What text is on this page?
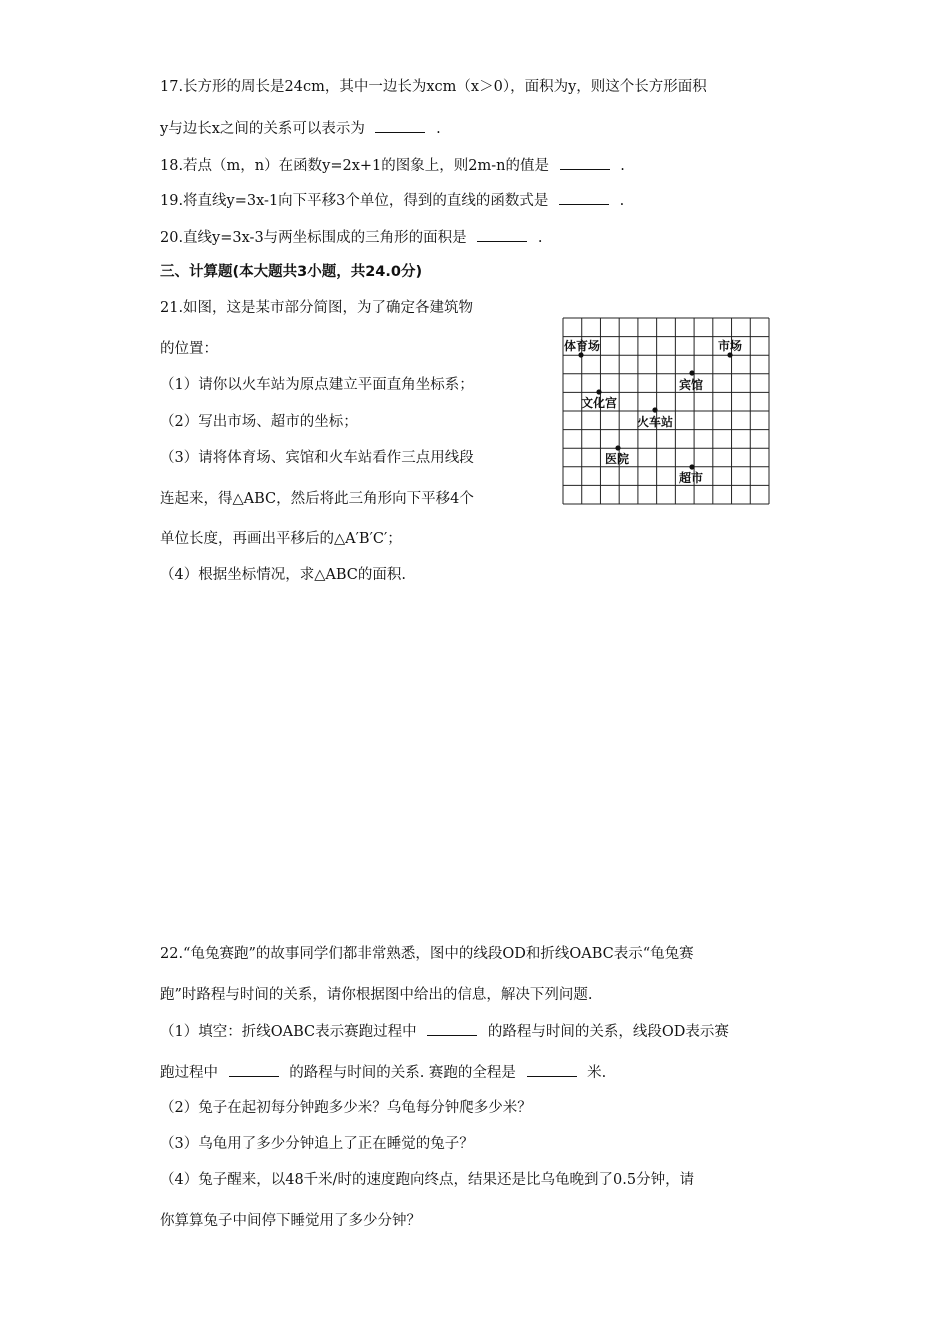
17.长方形的周长是24cm，其中一边长为xcm（x＞0），面积为y，则这个长方形面积
y与边长x之间的关系可以表示为	.
18.若点（m，n）在函数y=2x+1的图象上，则2m-n的值是	.
19.将直线y=3x-1向下平移3个单位，得到的直线的函数式是	.
20.直线y=3x-3与两坐标围成的三角形的面积是	.
三、计算题(本大题共3小题，共24.0分)
21.如图，这是某市部分简图，为了确定各建筑物
的位置：
（1）请你以火车站为原点建立平面直角坐标系；
（2）写出市场、超市的坐标；
（3）请将体育场、宾馆和火车站看作三点用线段
连起来，得△ABC，然后将此三角形向下平移4个
单位长度，再画出平移后的△A′B′C′；
（4）根据坐标情况，求△ABC的面积.
体育场	市场
宾馆
文化宫
火车站
医院
超市
22.“龟兔赛跑”的故事同学们都非常熟悉，图中的线段OD和折线OABC表示“龟兔赛
跑”时路程与时间的关系，请你根据图中给出的信息，解决下列问题.
（1）填空：折线OABC表示赛跑过程中	的路程与时间的关系，线段OD表示赛
跑过程中	的路程与时间的关系. 赛跑的全程是	米.
（2）兔子在起初每分钟跑多少米？乌龟每分钟爬多少米？
（3）乌龟用了多少分钟追上了正在睡觉的兔子？
（4）兔子醒来，以48千米/时的速度跑向终点，结果还是比乌龟晚到了0.5分钟，请
你算算兔子中间停下睡觉用了多少分钟？
